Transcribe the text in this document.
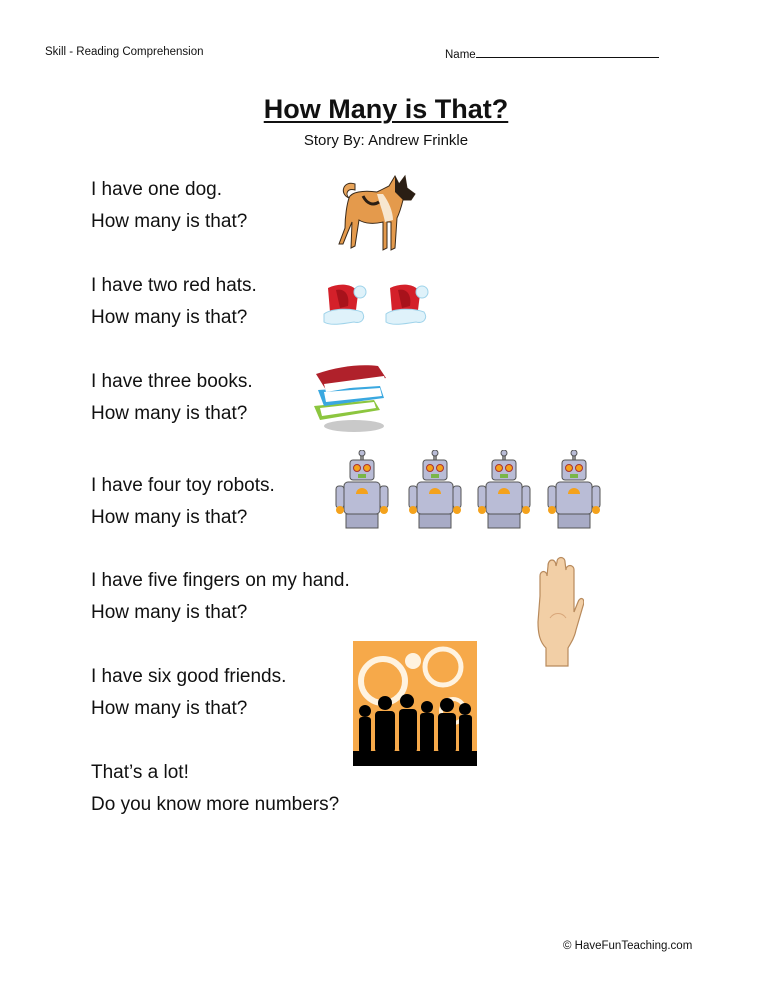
Skill - Reading Comprehension	Name
How Many is That?
Story By: Andrew Frinkle
I have one dog.
How many is that?
I have two red hats.
How many is that?
I have three books.
How many is that?
I have four toy robots.
How many is that?
I have five fingers on my hand.
How many is that?
I have six good friends.
How many is that?
That’s a lot!
Do you know more numbers?
© HaveFunTeaching.com
